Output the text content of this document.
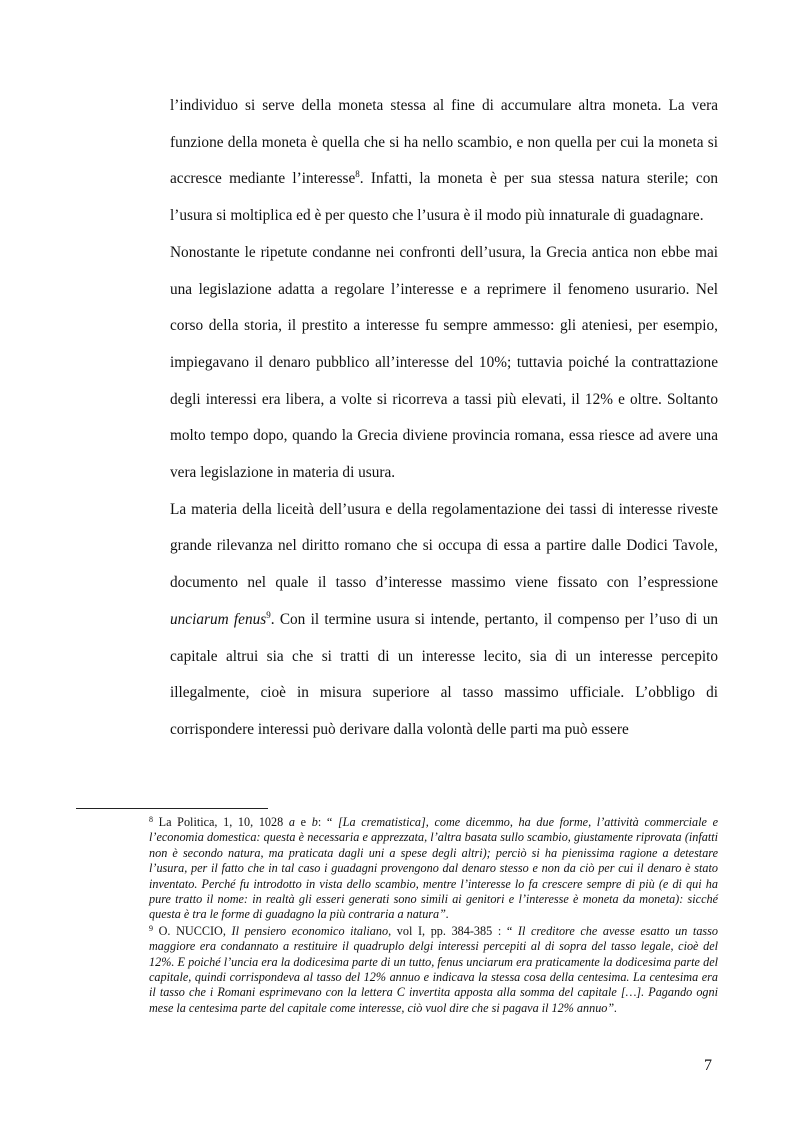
l’individuo si serve della moneta stessa al fine di accumulare altra moneta. La vera funzione della moneta è quella che si ha nello scambio, e non quella per cui la moneta si accresce mediante l’interesse$^8$. Infatti, la moneta è per sua stessa natura sterile; con l’usura si moltiplica ed è per questo che l’usura è il modo più innaturale di guadagnare.

Nonostante le ripetute condanne nei confronti dell’usura, la Grecia antica non ebbe mai una legislazione adatta a regolare l’interesse e a reprimere il fenomeno usurario. Nel corso della storia, il prestito a interesse fu sempre ammesso: gli ateniesi, per esempio, impiegavano il denaro pubblico all’interesse del 10%; tuttavia poiché la contrattazione degli interessi era libera, a volte si ricorreva a tassi più elevati, il 12% e oltre. Soltanto molto tempo dopo, quando la Grecia diviene provincia romana, essa riesce ad avere una vera legislazione in materia di usura.

La materia della liceità dell’usura e della regolamentazione dei tassi di interesse riveste grande rilevanza nel diritto romano che si occupa di essa a partire dalle Dodici Tavole, documento nel quale il tasso d’interesse massimo viene fissato con l’espressione unciarum fenus$^9$. Con il termine usura si intende, pertanto, il compenso per l’uso di un capitale altrui sia che si tratti di un interesse lecito, sia di un interesse percepito illegalmente, cioè in misura superiore al tasso massimo ufficiale. L’obbligo di corrispondere interessi può derivare dalla volontà delle parti ma può essere

$^8$ La Politica, 1, 10, 1028 a e b: “ [La crematistica], come dicemmo, ha due forme, l’attività commerciale e l’economia domestica: questa è necessaria e apprezzata, l’altra basata sullo scambio, giustamente riprovata (infatti non è secondo natura, ma praticata dagli uni a spese degli altri); perciò si ha pienissima ragione a detestare l’usura, per il fatto che in tal caso i guadagni provengono dal denaro stesso e non da ciò per cui il denaro è stato inventato. Perché fu introdotto in vista dello scambio, mentre l’interesse lo fa crescere sempre di più (e di qui ha pure tratto il nome: in realtà gli esseri generati sono simili ai genitori e l’interesse è moneta da moneta): sicché questa è tra le forme di guadagno la più contraria a natura”.

$^9$ O. NUCCIO, Il pensiero economico italiano, vol I, pp. 384-385 : “ Il creditore che avesse esatto un tasso maggiore era condannato a restituire il quadruplo delgi interessi percepiti al di sopra del tasso legale, cioè del 12%. E poiché l’uncia era la dodicesima parte di un tutto, fenus unciarum era praticamente la dodicesima parte del capitale, quindi corrispondeva al tasso del 12% annuo e indicava la stessa cosa della centesima. La centesima era il tasso che i Romani esprimevano con la lettera C invertita apposta alla somma del capitale […]. Pagando ogni mese la centesima parte del capitale come interesse, ciò vuol dire che si pagava il 12% annuo”.

7
